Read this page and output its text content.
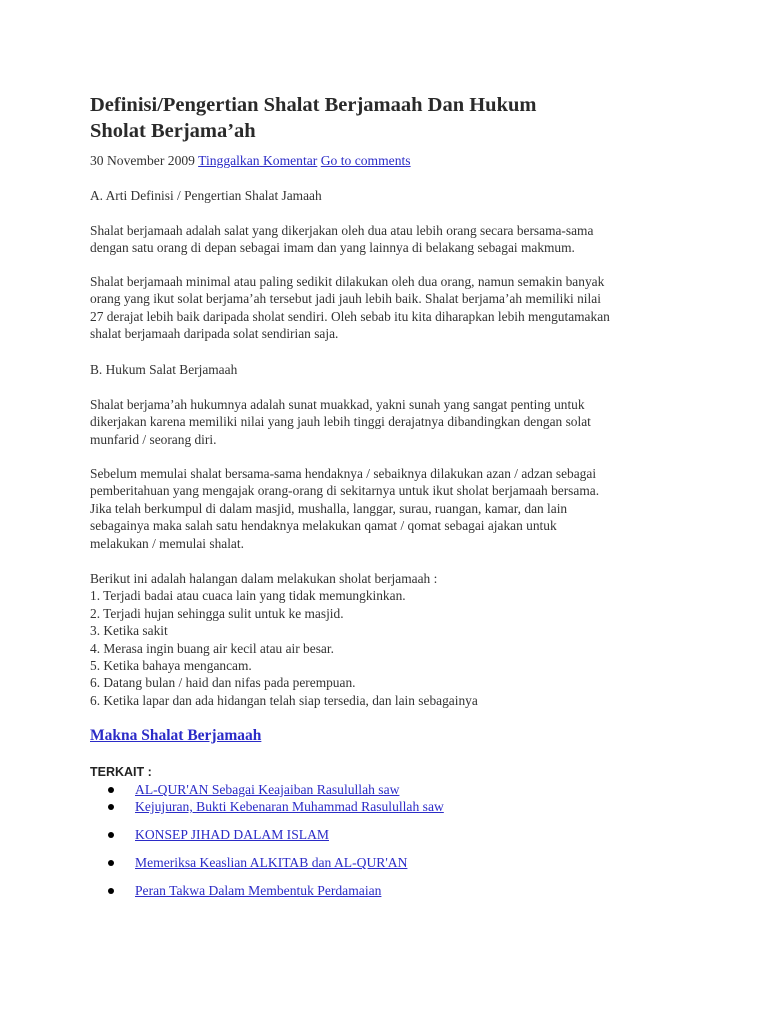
Definisi/Pengertian Shalat Berjamaah Dan Hukum
Sholat Berjama’ah
30 November 2009 Tinggalkan Komentar Go to comments

A. Arti Definisi / Pengertian Shalat Jamaah

Shalat berjamaah adalah salat yang dikerjakan oleh dua atau lebih orang secara bersama-sama
dengan satu orang di depan sebagai imam dan yang lainnya di belakang sebagai makmum.

Shalat berjamaah minimal atau paling sedikit dilakukan oleh dua orang, namun semakin banyak
orang yang ikut solat berjama’ah tersebut jadi jauh lebih baik. Shalat berjama’ah memiliki nilai
27 derajat lebih baik daripada sholat sendiri. Oleh sebab itu kita diharapkan lebih mengutamakan
shalat berjamaah daripada solat sendirian saja.

B. Hukum Salat Berjamaah

Shalat berjama’ah hukumnya adalah sunat muakkad, yakni sunah yang sangat penting untuk
dikerjakan karena memiliki nilai yang jauh lebih tinggi derajatnya dibandingkan dengan solat
munfarid / seorang diri.

Sebelum memulai shalat bersama-sama hendaknya / sebaiknya dilakukan azan / adzan sebagai
pemberitahuan yang mengajak orang-orang di sekitarnya untuk ikut sholat berjamaah bersama.
Jika telah berkumpul di dalam masjid, mushalla, langgar, surau, ruangan, kamar, dan lain
sebagainya maka salah satu hendaknya melakukan qamat / qomat sebagai ajakan untuk
melakukan / memulai shalat.

Berikut ini adalah halangan dalam melakukan sholat berjamaah :
1. Terjadi badai atau cuaca lain yang tidak memungkinkan.
2. Terjadi hujan sehingga sulit untuk ke masjid.
3. Ketika sakit
4. Merasa ingin buang air kecil atau air besar.
5. Ketika bahaya mengancam.
6. Datang bulan / haid dan nifas pada perempuan.
6. Ketika lapar dan ada hidangan telah siap tersedia, dan lain sebagainya

Makna Shalat Berjamaah
TERKAIT :
AL-QUR'AN Sebagai Keajaiban Rasulullah saw
Kejujuran, Bukti Kebenaran Muhammad Rasulullah saw
KONSEP JIHAD DALAM ISLAM
Memeriksa Keaslian ALKITAB dan AL-QUR'AN
Peran Takwa Dalam Membentuk Perdamaian
